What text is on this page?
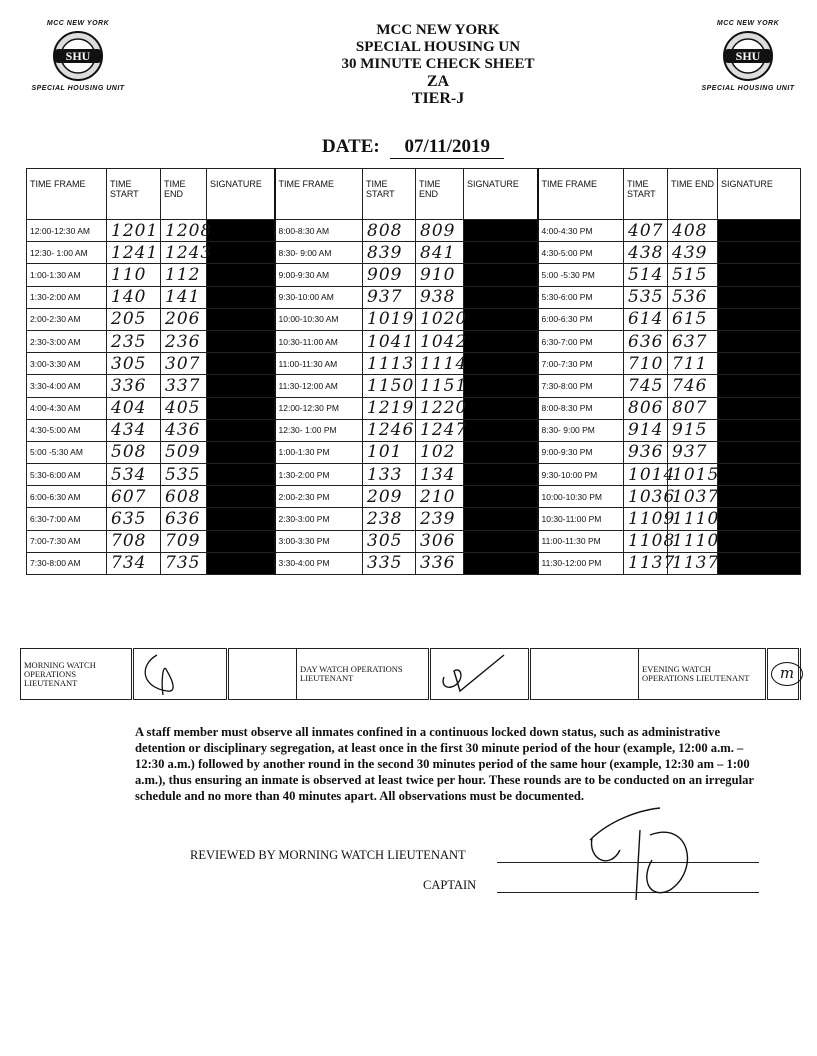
MCC NEW YORK
SHU
SPECIAL HOUSING UNIT
MCC NEW YORK
SHU
SPECIAL HOUSING UNIT
MCC NEW YORK
SPECIAL HOUSING UN
30 MINUTE CHECK SHEET
ZA
TIER-J
DATE: 07/11/2019
TIME FRAME	TIME START	TIME END	SIGNATURE	TIME FRAME	TIME START	TIME END	SIGNATURE	TIME FRAME	TIME START	TIME END	SIGNATURE
12:00-12:30 AM	1201	1208		8:00-8:30 AM	808	809		4:00-4:30 PM	407	408	
12:30- 1:00 AM	1241	1243		8:30- 9:00 AM	839	841		4:30-5:00 PM	438	439	
1:00-1:30 AM	110	112		9:00-9:30 AM	909	910		5:00 -5:30 PM	514	515	
1:30-2:00 AM	140	141		9:30-10:00 AM	937	938		5:30-6:00 PM	535	536	
2:00-2:30 AM	205	206		10:00-10:30 AM	1019	1020		6:00-6:30 PM	614	615	
2:30-3:00 AM	235	236		10:30-11:00 AM	1041	1042		6:30-7:00 PM	636	637	
3:00-3:30 AM	305	307		11:00-11:30 AM	1113	1114		7:00-7:30 PM	710	711	
3:30-4:00 AM	336	337		11:30-12:00 AM	1150	1151		7:30-8:00 PM	745	746	
4:00-4:30 AM	404	405		12:00-12:30 PM	1219	1220		8:00-8:30 PM	806	807	
4:30-5:00 AM	434	436		12:30- 1:00 PM	1246	1247		8:30- 9:00 PM	914	915	
5:00 -5:30 AM	508	509		1:00-1:30 PM	101	102		9:00-9:30 PM	936	937	
5:30-6:00 AM	534	535		1:30-2:00 PM	133	134		9:30-10:00 PM	1014	1015	
6:00-6:30 AM	607	608		2:00-2:30 PM	209	210		10:00-10:30 PM	1036	1037	
6:30-7:00 AM	635	636		2:30-3:00 PM	238	239		10:30-11:00 PM	1109	1110	
7:00-7:30 AM	708	709		3:00-3:30 PM	305	306		11:00-11:30 PM	1108	1110	
7:30-8:00 AM	734	735		3:30-4:00 PM	335	336		11:30-12:00 PM	1137	1137	
MORNING WATCH OPERATIONS LIEUTENANT			DAY WATCH OPERATIONS LIEUTENANT			EVENING WATCH OPERATIONS LIEUTENANT	m
A staff member must observe all inmates confined in a continuous locked down status, such as administrative detention or disciplinary segregation, at least once in the first 30 minute period of the hour (example, 12:00 a.m. – 12:30 a.m.) followed by another round in the second 30 minutes period of the same hour (example, 12:30 am – 1:00 a.m.), thus ensuring an inmate is observed at least twice per hour. These rounds are to be conducted on an irregular schedule and no more than 40 minutes apart. All observations must be documented.
REVIEWED BY MORNING WATCH LIEUTENANT
CAPTAIN
